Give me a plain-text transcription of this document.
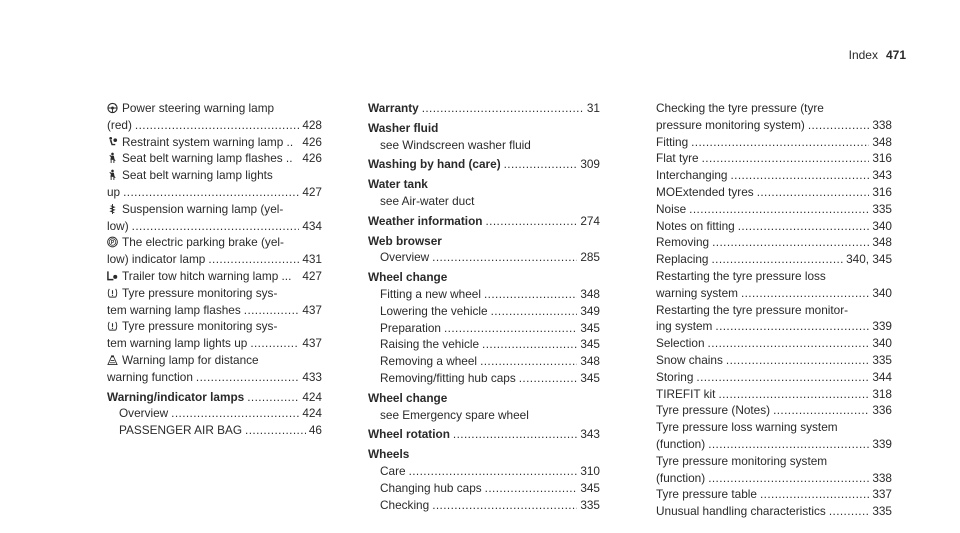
Index 471
! Power steering warning lamp
(red) .....	428
Restraint system warning lamp .. 426
Seat belt warning lamp flashes .. 426
Seat belt warning lamp lights
up .....	427
Suspension warning lamp (yel-
low) .....	434
P The electric parking brake (yel-
low) indicator lamp .....	431
Trailer tow hitch warning lamp ... 427
Tyre pressure monitoring sys-
tem warning lamp flashes .....	437
Tyre pressure monitoring sys-
tem warning lamp lights up .....	437
Warning lamp for distance
warning function .....	433
Warning/indicator lamps .....	424
Overview .....	424
PASSENGER AIR BAG .....	46
Warranty .....	31
Washer fluid
see Windscreen washer fluid
Washing by hand (care) .....	309
Water tank
see Air-water duct
Weather information .....	274
Web browser
Overview .....	285
Wheel change
Fitting a new wheel .....	348
Lowering the vehicle .....	349
Preparation .....	345
Raising the vehicle .....	345
Removing a wheel .....	348
Removing/fitting hub caps .....	345
Wheel change
see Emergency spare wheel
Wheel rotation .....	343
Wheels
Care .....	310
Changing hub caps .....	345
Checking .....	335
Checking the tyre pressure (tyre
pressure monitoring system) .....	338
Fitting .....	348
Flat tyre .....	316
Interchanging .....	343
MOExtended tyres .....	316
Noise .....	335
Notes on fitting .....	340
Removing .....	348
Replacing .....	340, 345
Restarting the tyre pressure loss
warning system .....	340
Restarting the tyre pressure monitor-
ing system .....	339
Selection .....	340
Snow chains .....	335
Storing .....	344
TIREFIT kit .....	318
Tyre pressure (Notes) .....	336
Tyre pressure loss warning system
(function) .....	339
Tyre pressure monitoring system
(function) .....	338
Tyre pressure table .....	337
Unusual handling characteristics .....	335
